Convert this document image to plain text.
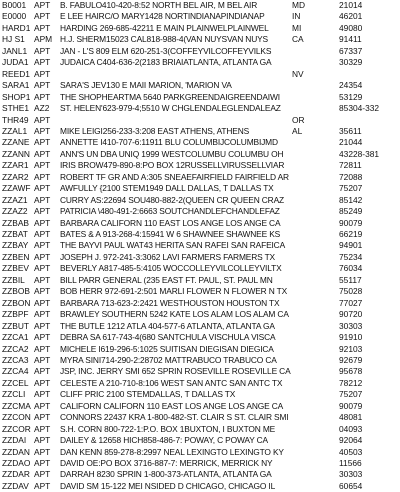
B0001 APT	B. FABULO410-420-8:52 NORTH BEL AIR, M BEL AIR	MD	21014
E0000 APT	E LEE HAIRC/O MARY1428 NORTINDIANAPINDIANAP	IN	46201
HARD1 APT	HARDING 269-685-42211 E MAIN PLAINWELPLAINWEL	MI	49080
HJ S1	APM H.J. SHERM15023 CAL818-988-4(VAN NUYSVAN NUYS	CA	91411
JANL1 APT	JAN - L'S 809 ELM 620-251-3(COFFEYVILCOFFEYVILKS	67337
JUDA1 APT	JUDAICA C404-636-2(2183 BRIAIATLANTA, ATLANTA GA	30329
REED1 APT	NV
SARA1 APT	SARA'S JEV130 E MAII MARION, 'MARION VA	24354
SHOP1 APT	THE SHOPHEARTMA 5640 PARKGREENDAIGREENDAIWI	53129
STHE1 AZ2	ST. HELEN'623-979-4;5510 W CHGLENDALEGLENDALEAZ	85304-332
THR49 APT	OR
ZZAL1 APT	MIKE LEIGI256-233-3:208 EAST ATHENS, ATHENS	AL	35611
ZZANE APT	ANNETTE I410-707-6:11911 BLU COLUMBIJCOLUMBIJMD	21044
ZZANN APT	ANN'S UN DBA UNIQ 1999 WESTCOLUMBU COLUMBU OH	43228-381
ZZAR1 APT	IRIS BROW479-890-8:PO BOX 12RUSSELLVIRUSSELLVIAR	72811
ZZAR2 APT	ROBERT TF GR AND A:305 SNEAEFAIRFIELD FAIRFIELD AR	72088
ZZAWF APT	AWFULLY {2100 STEM1949 DALL DALLAS, T DALLAS TX	75207
ZZAZ1 APT	CURRY AS:22694 SOU480-882-2(QUEEN CR QUEEN CRAZ	85142
ZZAZ2 APT	PATRICIA \480-491-2:6663 SOUTCHANDLEFCHANDLEFAZ	85249
ZZBAB APT	BARBARA CALIFORN 110 EAST LOS ANGE LOS ANGE CA	90079
ZZBAT APT	BATES & A 913-268-4:15941 W 6 SHAWNEE SHAWNEE KS	66219
ZZBAY APT	THE BAYVI PAUL WAT43 HERITA SAN RAFEI SAN RAFEICA	94901
ZZBEN APT	JOSEPH J. 972-241-3:3062 LAVI FARMERS FARMERS TX	75234
ZZBEV APT	BEVERLY A817-485-5:4105 WOCCOLLEYVILCOLLEYVILTX	76034
ZZBIL	APT	BILL PARR GENERAL (235 EAST FT. PAUL, ST. PAUL MN	55117
ZZBOB APT	BOB HERR 972-691-2:501 MARLI FLOWER N FLOWER N TX	75028
ZZBON APT	BARBARA 713-623-2:2421 WESTHOUSTON HOUSTON TX	77027
ZZBPF APT	BRAWLEY SOUTHERN 5242 KATE LOS ALAM LOS ALAM CA	90720
ZZBUT APT	THE BUTLE 1212 ATLA 404-577-6 ATLANTA, ATLANTA GA	30303
ZZCA1 APT	DEBRA SA 617-743-4(680 SANTCHULA VISCHULA VISCA	91910
ZZCA2 APT	MICHELE I619-296-5:1025 SUITISAN DIEGISAN DIEGICA	92103
ZZCA3 APT	MYRA SINI714-290-2:28702 MATTRABUCO TRABUCO CA	92679
ZZCA4 APT	JSP, INC. JERRY SMI 652 SPRIN ROSEVILLE ROSEVILLE CA	95678
ZZCEL APT	CELESTE A 210-710-8:106 WEST SAN ANTC SAN ANTC TX	78212
ZZCLI	APT	CLIFF PRIC 2100 STEMDALLAS, T DALLAS TX	75207
ZZCMA APT	CALIFORN CALIFORN 110 EAST LOS ANGE LOS ANGE CA	90079
ZZCON APT	CONNORS 22437 KRA 1-800-482-ST. CLAIR S ST. CLAIR SMI	48081
ZZCOR APT	S.H. CORN 800-722-1:P.O. BOX 1BUXTON, I BUXTON ME	04093
ZZDAI APT	DAILEY & 12658 HICH858-486-7: POWAY, C POWAY CA	92064
ZZDAN APT	DAN KENN 859-278-8:2997 NEAL LEXINGTO LEXINGTO KY	40503
ZZDAO APT	DAVID OE:PO BOX 3716-887-7: MERRICK, MERRICK NY	11566
ZZDAR APT	DARRAH 8230 SPRIN 1-800-373-ATLANTA, ATLANTA GA	30303
ZZDAV APT	DAVID SM 15-122 MEI NSIDED D CHICAGO, CHICAGO IL	60654
